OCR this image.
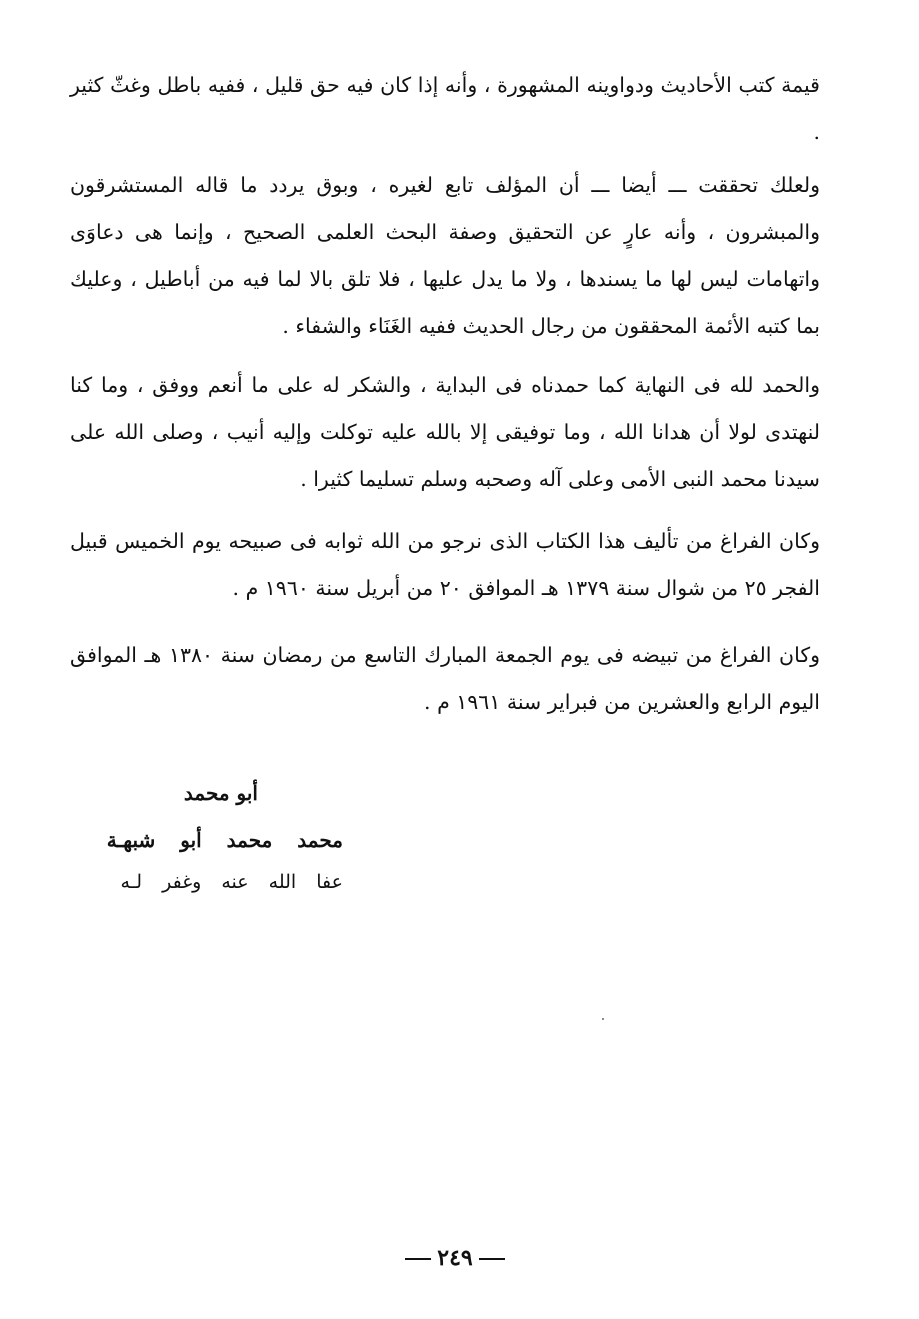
قيمة كتب الأحاديث ودواوينه المشهورة ، وأنه إذا كان فيه حق قليل ، ففيه باطل وغثّ كثير .

ولعلك تحققت ـــ أيضا ـــ أن المؤلف تابع لغيره ، وبوق يردد ما قاله المستشرقون والمبشرون ، وأنه عارٍ عن التحقيق وصفة البحث العلمى الصحيح ، وإنما هى دعاوَى واتهامات ليس لها ما يسندها ، ولا ما يدل عليها ، فلا تلق بالا لما فيه من أباطيل ، وعليك بما كتبه الأئمة المحققون من رجال الحديث ففيه الغَنَاء والشفاء .

والحمد لله فى النهاية كما حمدناه فى البداية ، والشكر له على ما أنعم ووفق ، وما كنا لنهتدى لولا أن هدانا الله ، وما توفيقى إلا بالله عليه توكلت وإليه أنيب ، وصلى الله على سيدنا محمد النبى الأمى وعلى آله وصحبه وسلم تسليما كثيرا .

وكان الفراغ من تأليف هذا الكتاب الذى نرجو من الله ثوابه فى صبيحه يوم الخميس قبيل الفجر ٢٥ من شوال سنة ١٣٧٩ هـ الموافق ٢٠ من أبريل سنة ١٩٦٠ م .

وكان الفراغ من تبيضه فى يوم الجمعة المبارك التاسع من رمضان سنة ١٣٨٠ هـ الموافق اليوم الرابع والعشرين من فبراير سنة ١٩٦١ م .

أبو محمد
محمد محمد أبو شبهـة
عفا الله عنه وغفر لـه
٢٤٩
